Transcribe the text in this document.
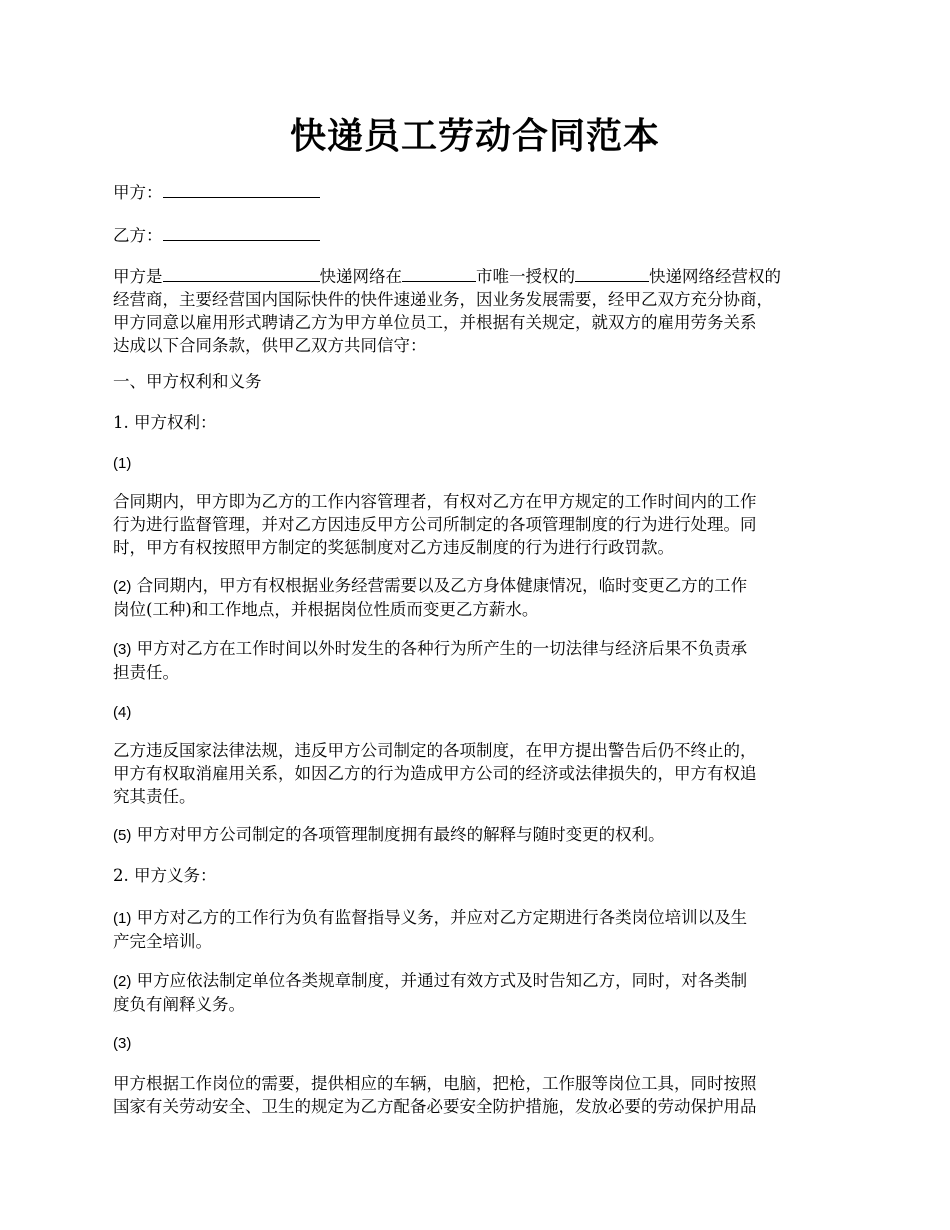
快递员工劳动合同范本
甲方：
乙方：
甲方是	快递网络在	市唯一授权的	快递网络经营权的
经营商，主要经营国内国际快件的快件速递业务，因业务发展需要，经甲乙双方充分协商，
甲方同意以雇用形式聘请乙方为甲方单位员工，并根据有关规定，就双方的雇用劳务关系
达成以下合同条款，供甲乙双方共同信守：
一、甲方权利和义务
1. 甲方权利：
(1)
合同期内，甲方即为乙方的工作内容管理者，有权对乙方在甲方规定的工作时间内的工作
行为进行监督管理，并对乙方因违反甲方公司所制定的各项管理制度的行为进行处理。同
时，甲方有权按照甲方制定的奖惩制度对乙方违反制度的行为进行行政罚款。
(2) 合同期内，甲方有权根据业务经营需要以及乙方身体健康情况，临时变更乙方的工作
岗位(工种)和工作地点，并根据岗位性质而变更乙方薪水。
(3) 甲方对乙方在工作时间以外时发生的各种行为所产生的一切法律与经济后果不负责承
担责任。
(4)
乙方违反国家法律法规，违反甲方公司制定的各项制度，在甲方提出警告后仍不终止的，
甲方有权取消雇用关系，如因乙方的行为造成甲方公司的经济或法律损失的，甲方有权追
究其责任。
(5) 甲方对甲方公司制定的各项管理制度拥有最终的解释与随时变更的权利。
2. 甲方义务：
(1) 甲方对乙方的工作行为负有监督指导义务，并应对乙方定期进行各类岗位培训以及生
产完全培训。
(2) 甲方应依法制定单位各类规章制度，并通过有效方式及时告知乙方，同时，对各类制
度负有阐释义务。
(3)
甲方根据工作岗位的需要，提供相应的车辆，电脑，把枪，工作服等岗位工具，同时按照
国家有关劳动安全、卫生的规定为乙方配备必要安全防护措施，发放必要的劳动保护用品
